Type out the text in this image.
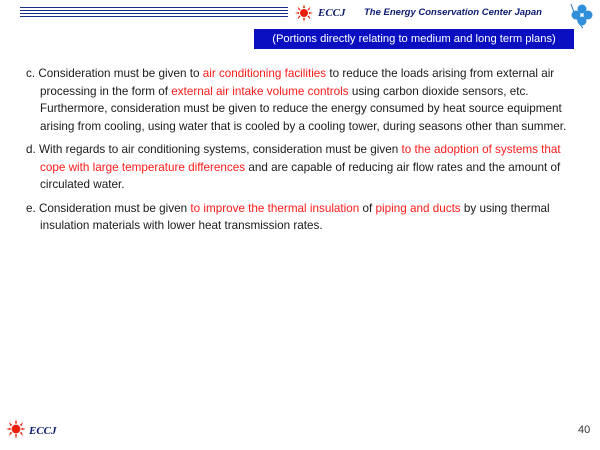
ECCJ The Energy Conservation Center Japan
(Portions directly relating to medium and long term plans)

c. Consideration must be given to air conditioning facilities to reduce the loads arising from external air processing in the form of external air intake volume controls using carbon dioxide sensors, etc. Furthermore, consideration must be given to reduce the energy consumed by heat source equipment arising from cooling, using water that is cooled by a cooling tower, during seasons other than summer.

d. With regards to air conditioning systems, consideration must be given to the adoption of systems that cope with large temperature differences and are capable of reducing air flow rates and the amount of circulated water.

e. Consideration must be given to improve the thermal insulation of piping and ducts by using thermal insulation materials with lower heat transmission rates.

ECCJ	40
